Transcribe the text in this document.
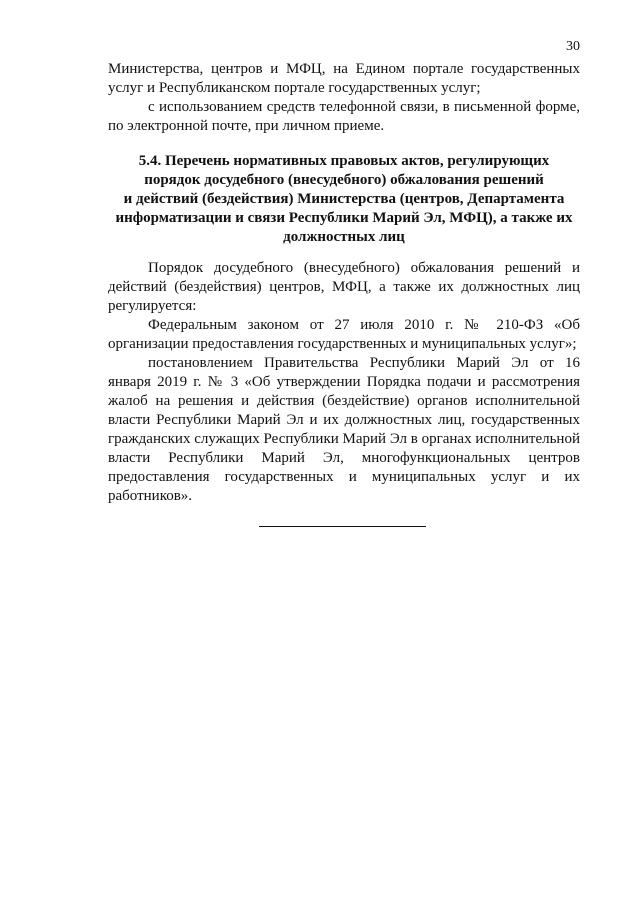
30

Министерства, центров и МФЦ, на Едином портале государственных услуг и Республиканском портале государственных услуг;

с использованием средств телефонной связи, в письменной форме, по электронной почте, при личном приеме.

5.4. Перечень нормативных правовых актов, регулирующих
порядок досудебного (внесудебного) обжалования решений
и действий (бездействия) Министерства (центров, Департамента
информатизации и связи Республики Марий Эл, МФЦ), а также их
должностных лиц

Порядок досудебного (внесудебного) обжалования решений и действий (бездействия) центров, МФЦ, а также их должностных лиц регулируется:

Федеральным законом от 27 июля 2010 г. № 210-ФЗ «Об организации предоставления государственных и муниципальных услуг»;

постановлением Правительства Республики Марий Эл от 16 января 2019 г. № 3 «Об утверждении Порядка подачи и рассмотрения жалоб на решения и действия (бездействие) органов исполнительной власти Республики Марий Эл и их должностных лиц, государственных гражданских служащих Республики Марий Эл в органах исполнительной власти Республики Марий Эл, многофункциональных центров предоставления государственных и муниципальных услуг и их работников».
